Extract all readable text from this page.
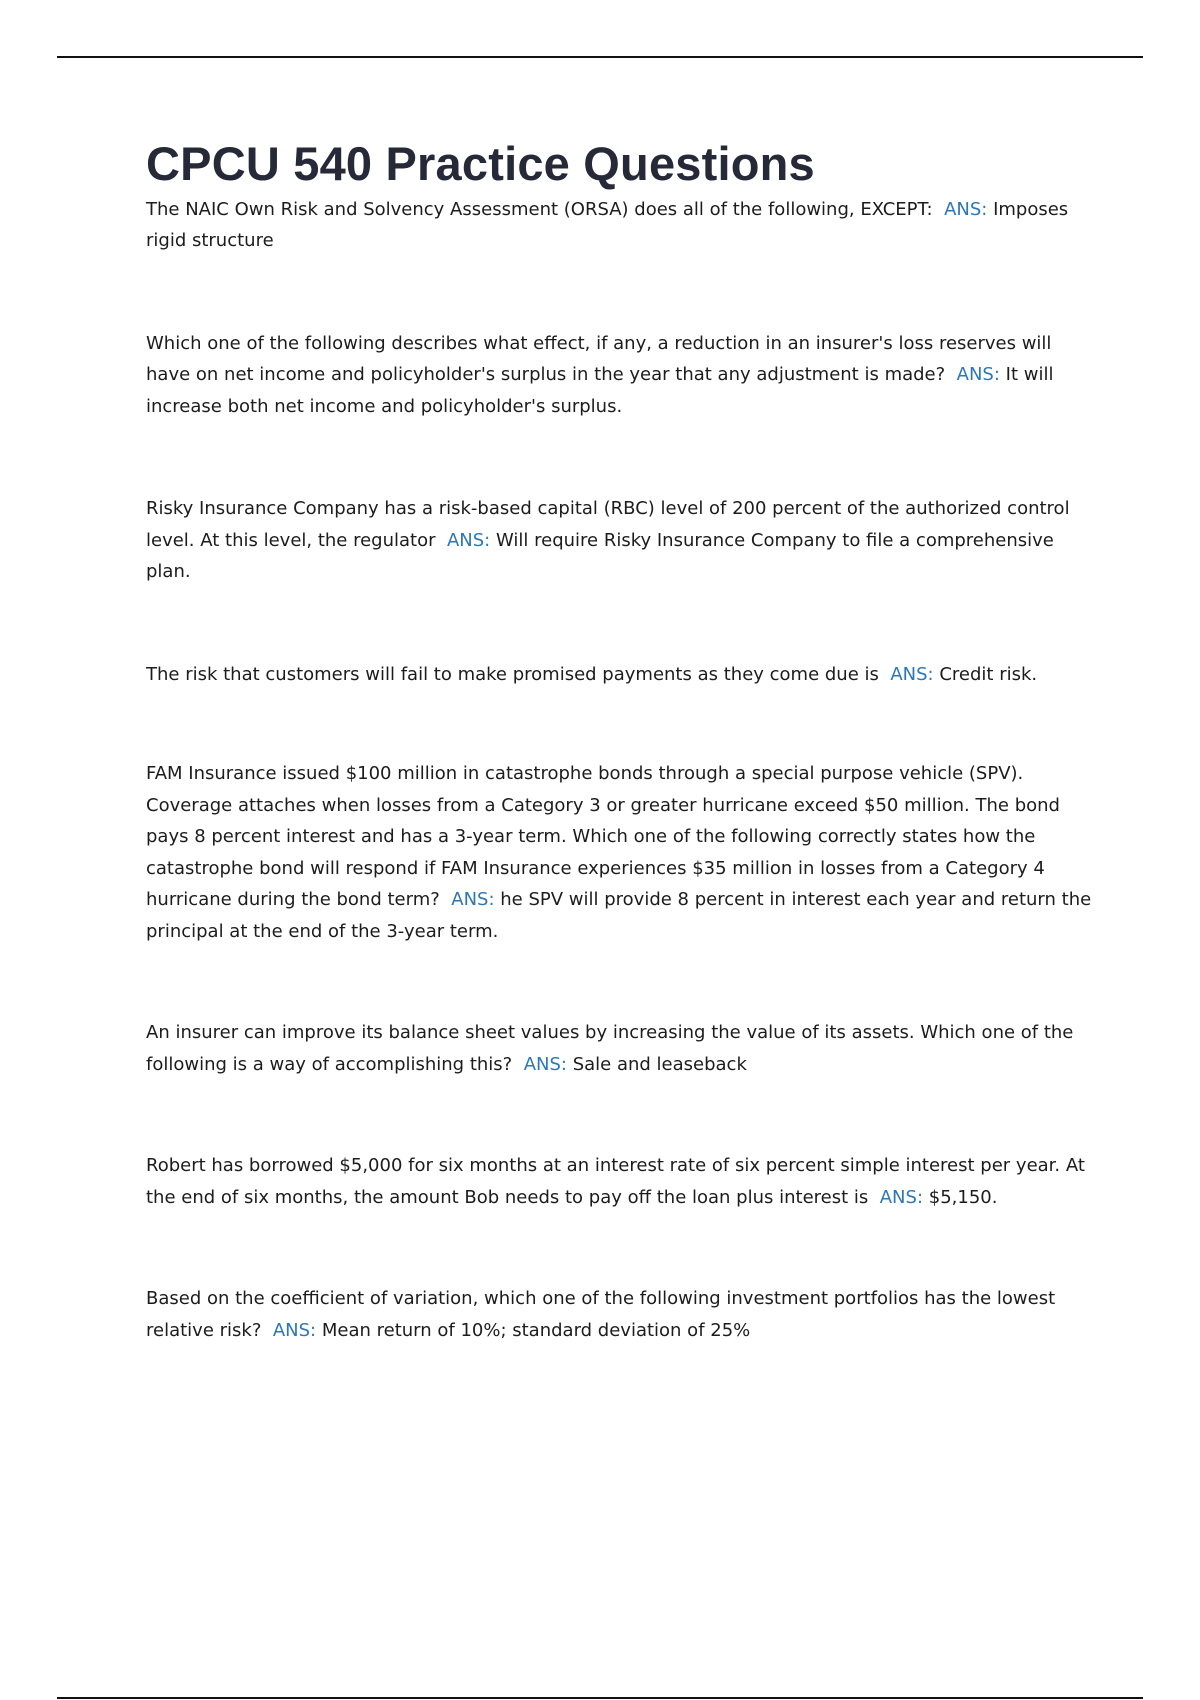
CPCU 540 Practice Questions

The NAIC Own Risk and Solvency Assessment (ORSA) does all of the following, EXCEPT: ANS: Imposes rigid structure

Which one of the following describes what effect, if any, a reduction in an insurer's loss reserves will have on net income and policyholder's surplus in the year that any adjustment is made? ANS: It will increase both net income and policyholder's surplus.

Risky Insurance Company has a risk-based capital (RBC) level of 200 percent of the authorized control level. At this level, the regulator ANS: Will require Risky Insurance Company to file a comprehensive plan.

The risk that customers will fail to make promised payments as they come due is ANS: Credit risk.

FAM Insurance issued $100 million in catastrophe bonds through a special purpose vehicle (SPV). Coverage attaches when losses from a Category 3 or greater hurricane exceed $50 million. The bond pays 8 percent interest and has a 3-year term. Which one of the following correctly states how the catastrophe bond will respond if FAM Insurance experiences $35 million in losses from a Category 4 hurricane during the bond term? ANS: he SPV will provide 8 percent in interest each year and return the principal at the end of the 3-year term.

An insurer can improve its balance sheet values by increasing the value of its assets. Which one of the following is a way of accomplishing this? ANS: Sale and leaseback

Robert has borrowed $5,000 for six months at an interest rate of six percent simple interest per year. At the end of six months, the amount Bob needs to pay off the loan plus interest is ANS: $5,150.

Based on the coefficient of variation, which one of the following investment portfolios has the lowest relative risk? ANS: Mean return of 10%; standard deviation of 25%
